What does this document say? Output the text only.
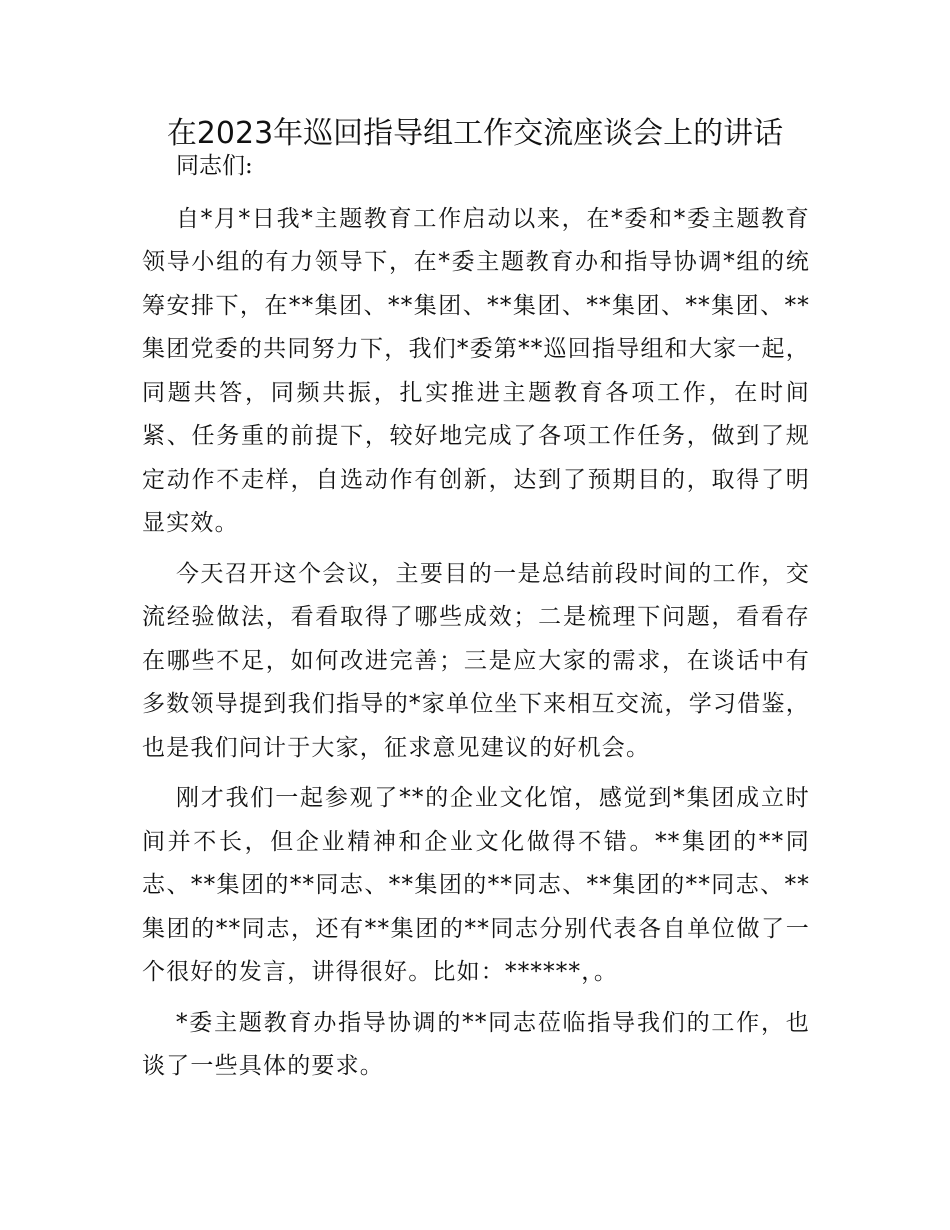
在2023年巡回指导组工作交流座谈会上的讲话

同志们:

自*月*日我*主题教育工作启动以来，在*委和*委主题教育领导小组的有力领导下，在*委主题教育办和指导协调*组的统筹安排下，在**集团、**集团、**集团、**集团、**集团、**集团党委的共同努力下，我们*委第**巡回指导组和大家一起，同题共答，同频共振，扎实推进主题教育各项工作，在时间紧、任务重的前提下，较好地完成了各项工作任务，做到了规定动作不走样，自选动作有创新，达到了预期目的，取得了明显实效。

今天召开这个会议，主要目的一是总结前段时间的工作，交流经验做法，看看取得了哪些成效；二是梳理下问题，看看存在哪些不足，如何改进完善；三是应大家的需求，在谈话中有多数领导提到我们指导的*家单位坐下来相互交流，学习借鉴，也是我们问计于大家，征求意见建议的好机会。

刚才我们一起参观了**的企业文化馆，感觉到*集团成立时间并不长，但企业精神和企业文化做得不错。**集团的**同志、**集团的**同志、**集团的**同志、**集团的**同志、**集团的**同志，还有**集团的**同志分别代表各自单位做了一个很好的发言，讲得很好。比如：******，。

*委主题教育办指导协调的**同志莅临指导我们的工作，也谈了一些具体的要求。
